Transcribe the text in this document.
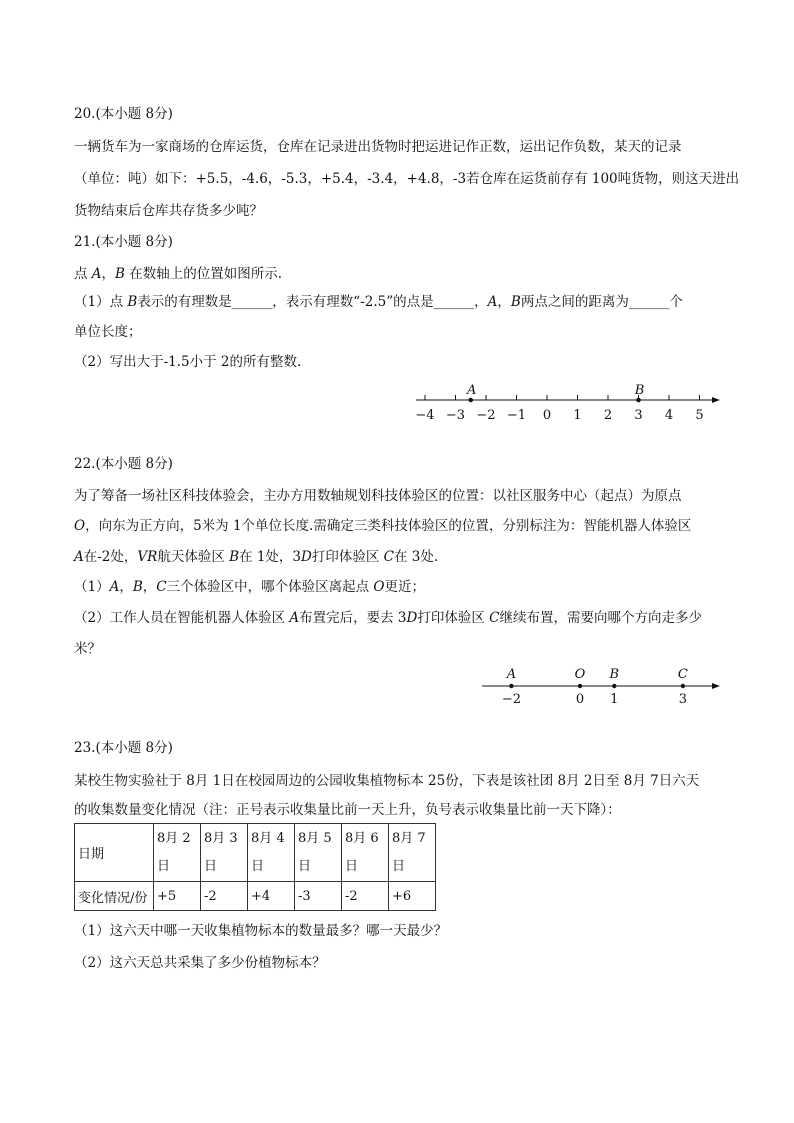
20.(本小题 8分)
一辆货车为一家商场的仓库运货，仓库在记录进出货物时把运进记作正数，运出记作负数，某天的记录
（单位：吨）如下：+5.5，-4.6，-5.3，+5.4，-3.4，+4.8，-3若仓库在运货前存有 100吨货物，则这天进出
货物结束后仓库共存货多少吨？
21.(本小题 8分)
点 A，B 在数轴上的位置如图所示.
（1）点 B表示的有理数是______，表示有理数“-2.5”的点是______，A，B两点之间的距离为______个
单位长度；
（2）写出大于-1.5小于 2的所有整数.
−4 −3 −2 −1 0 1 2 3 4 5
A	B
22.(本小题 8分)
为了筹备一场社区科技体验会，主办方用数轴规划科技体验区的位置：以社区服务中心（起点）为原点
O，向东为正方向，5米为 1个单位长度.需确定三类科技体验区的位置，分别标注为：智能机器人体验区
A在-2处，VR航天体验区 B在 1处，3D打印体验区 C在 3处.
（1）A，B，C三个体验区中，哪个体验区离起点 O更近；
（2）工作人员在智能机器人体验区 A布置完后，要去 3D打印体验区 C继续布置，需要向哪个方向走多少
米？
A
−2
O
0
B
1
C
3
23.(本小题 8分)
某校生物实验社于 8月 1日在校园周边的公园收集植物标本 25份，下表是该社团 8月 2日至 8月 7日六天
的收集数量变化情况（注：正号表示收集量比前一天上升，负号表示收集量比前一天下降）：
日期	8月 2日	8月 3日	8月 4日	8月 5日	8月 6日	8月 7日
变化情况/份	+5	-2	+4	-3	-2	+6
（1）这六天中哪一天收集植物标本的数量最多？哪一天最少？
（2）这六天总共采集了多少份植物标本？
